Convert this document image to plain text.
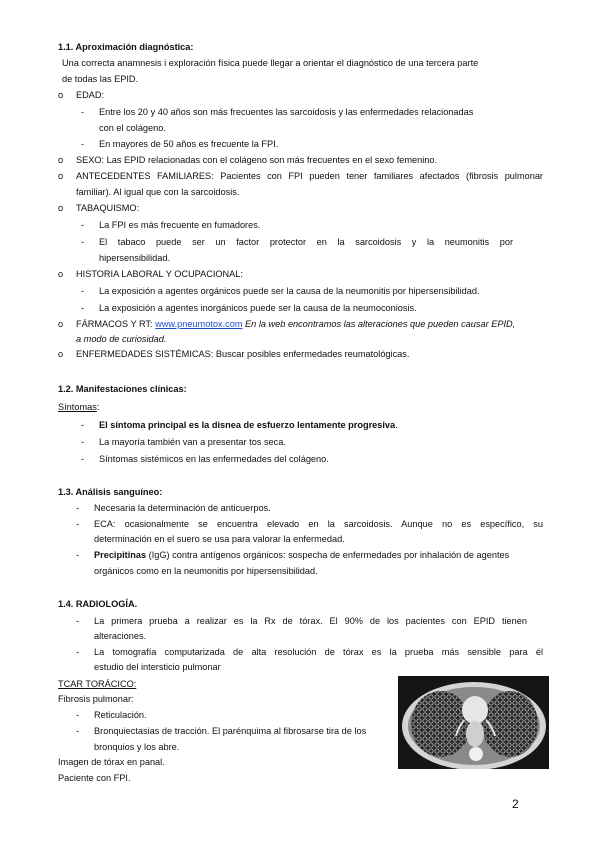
1.1. Aproximación diagnóstica:
Una correcta anamnesis i exploración física puede llegar a orientar el diagnóstico de una tercera parte
de todas las EPID.
o EDAD:
- Entre los 20 y 40 años son más frecuentes las sarcoidosis y las enfermedades relacionadas
con el colágeno.
- En mayores de 50 años es frecuente la FPI.
o SEXO: Las EPID relacionadas con el colágeno son más frecuentes en el sexo femenino.
o ANTECEDENTES FAMILIARES: Pacientes con FPI pueden tener familiares afectados (fibrosis pulmonar
familiar). Al igual que con la sarcoidosis.
o TABAQUISMO:
- La FPI es más frecuente en fumadores.
- El tabaco puede ser un factor protector en la sarcoidosis y la neumonitis por
hipersensibilidad.
o HISTORIA LABORAL Y OCUPACIONAL:
- La exposición a agentes orgánicos puede ser la causa de la neumonitis por hipersensibilidad.
- La exposición a agentes inorgánicos puede ser la causa de la neumoconiosis.
o FÁRMACOS Y RT: www.pneumotox.com En la web encontramos las alteraciones que pueden causar EPID,
a modo de curiosidad.
o ENFERMEDADES SISTÉMICAS: Buscar posibles enfermedades reumatológicas.
1.2. Manifestaciones clínicas:
Síntomas:
- El síntoma principal es la disnea de esfuerzo lentamente progresiva.
- La mayoría también van a presentar tos seca.
- Síntomas sistémicos en las enfermedades del colágeno.
1.3. Análisis sanguíneo:
- Necesaria la determinación de anticuerpos.
- ECA: ocasionalmente se encuentra elevado en la sarcoidosis. Aunque no es específico, su
determinación en el suero se usa para valorar la enfermedad.
- Precipitinas (IgG) contra antígenos orgánicos: sospecha de enfermedades por inhalación de agentes
orgánicos como en la neumonitis por hipersensibilidad.
1.4. RADIOLOGÍA.
- La primera prueba a realizar es la Rx de tórax. El 90% de los pacientes con EPID tienen
alteraciones.
- La tomografía computarizada de alta resolución de tórax es la prueba más sensible para él
estudio del intersticio pulmonar
TCAR TORÁCICO:
Fibrosis pulmonar:
- Reticulación.
- Bronquiectasias de tracción. El parénquima al fibrosarse tira de los
bronquios y los abre.
Imagen de tórax en panal.
Paciente con FPI.
2
